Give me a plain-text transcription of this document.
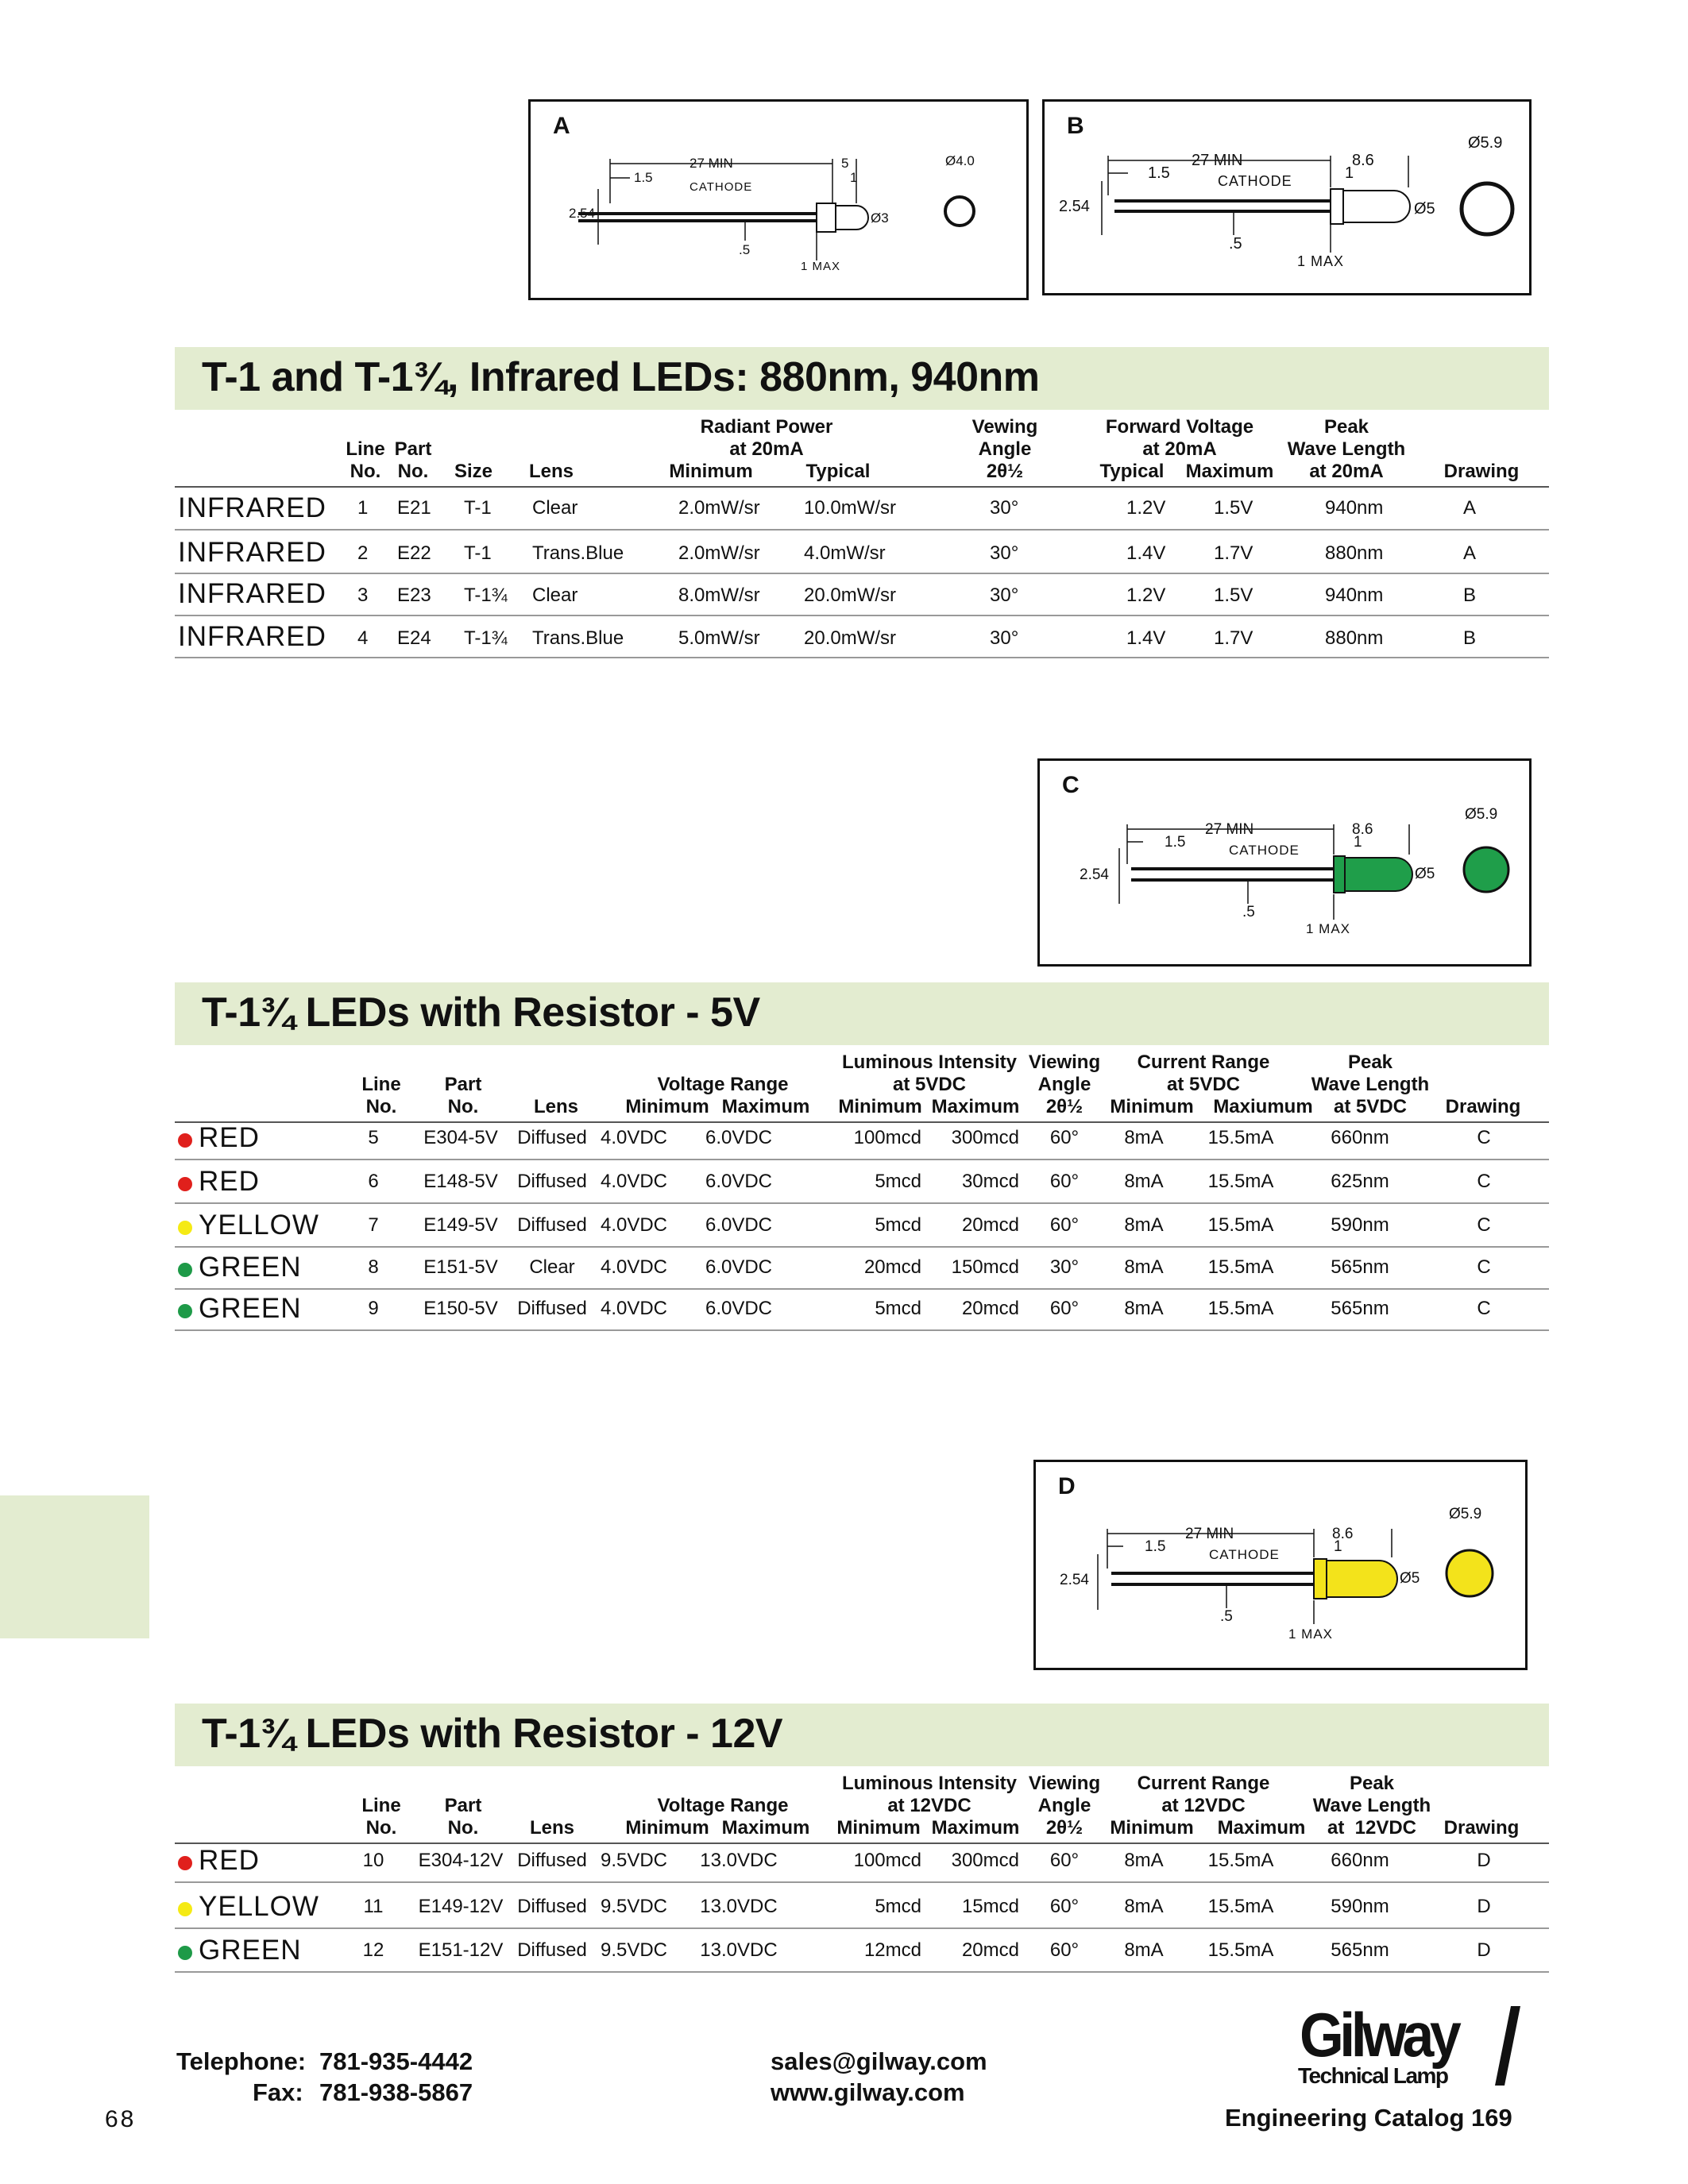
A
27 MIN
1.5
CATHODE
5
1
2.54
.5
1 MAX
Ø3
Ø4.0
B
27 MIN
1.5	CATHODE
8.6
1
2.54
.5
1 MAX
Ø5
Ø5.9
T-1 and T-1¾, Infrared LEDs: 880nm, 940nm
Line
No.
Part
No.	Size	Lens
Radiant Power
at 20mA
Minimum	Typical
Vewing
Angle
2θ½
Forward Voltage
at 20mA
Typical	Maximum
Peak
Wave Length
at 20mA	Drawing
INFRARED 1 E21 T-1 Clear	2.0mW/sr 10.0mW/sr	30°	1.2V	1.5V	940nm	A
INFRARED 2 E22 T-1 Trans.Blue	2.0mW/sr 4.0mW/sr	30°	1.4V	1.7V	880nm	A
INFRARED 3 E23 T-1¾ Clear	8.0mW/sr 20.0mW/sr	30°	1.2V	1.5V	940nm	B
INFRARED 4 E24 T-1¾ Trans.Blue	5.0mW/sr 20.0mW/sr	30°	1.4V	1.7V	880nm	B
C
27 MIN
1.5	CATHODE
8.6
1
2.54
.5
1 MAX
Ø5
Ø5.9
T-1¾ LEDs with Resistor - 5V
Line
No.
Part
No.	Lens
Voltage Range
Minimum Maximum
Luminous Intensity
at 5VDC
Minimum Maximum
Viewing
Angle
2θ½
Current Range
at 5VDC
Minimum	Maxiumum
Peak
Wave Length
at 5VDC	Drawing
RED	5	E304-5V	Diffused 4.0VDC	6.0VDC	100mcd	300mcd	60°	8mA	15.5mA	660nm	C
RED	6	E148-5V	Diffused 4.0VDC	6.0VDC	5mcd	30mcd	60°	8mA	15.5mA	625nm	C
YELLOW	7	E149-5V	Diffused 4.0VDC	6.0VDC	5mcd	20mcd	60°	8mA	15.5mA	590nm	C
GREEN	8	E151-5V	Clear	4.0VDC	6.0VDC	20mcd	150mcd	30°	8mA	15.5mA	565nm	C
GREEN	9	E150-5V	Diffused 4.0VDC	6.0VDC	5mcd	20mcd	60°	8mA	15.5mA	565nm	C
D
27 MIN
1.5	CATHODE
8.6
1
2.54
.5
1 MAX
Ø5
Ø5.9
T-1¾ LEDs with Resistor - 12V
Line
No.
Part
No.	Lens
Voltage Range
Minimum Maximum
Luminous Intensity
at 12VDC
Minimum Maximum
Viewing
Angle
2θ½
Current Range
at 12VDC
Minimum	Maximum
Peak
Wave Length
at  12VDC	Drawing
RED	10	E304-12V Diffused 9.5VDC	13.0VDC	100mcd	300mcd	60°	8mA	15.5mA	660nm	D
YELLOW 11	E149-12V Diffused 9.5VDC	13.0VDC	5mcd	15mcd	60°	8mA	15.5mA	590nm	D
GREEN	12	E151-12V Diffused 9.5VDC	13.0VDC	12mcd	20mcd	60°	8mA	15.5mA	565nm	D
Telephone: 781-935-4442
Fax: 781-938-5867
sales@gilway.com
www.gilway.com
Gilway
Technical Lamp
Engineering Catalog 169
68
